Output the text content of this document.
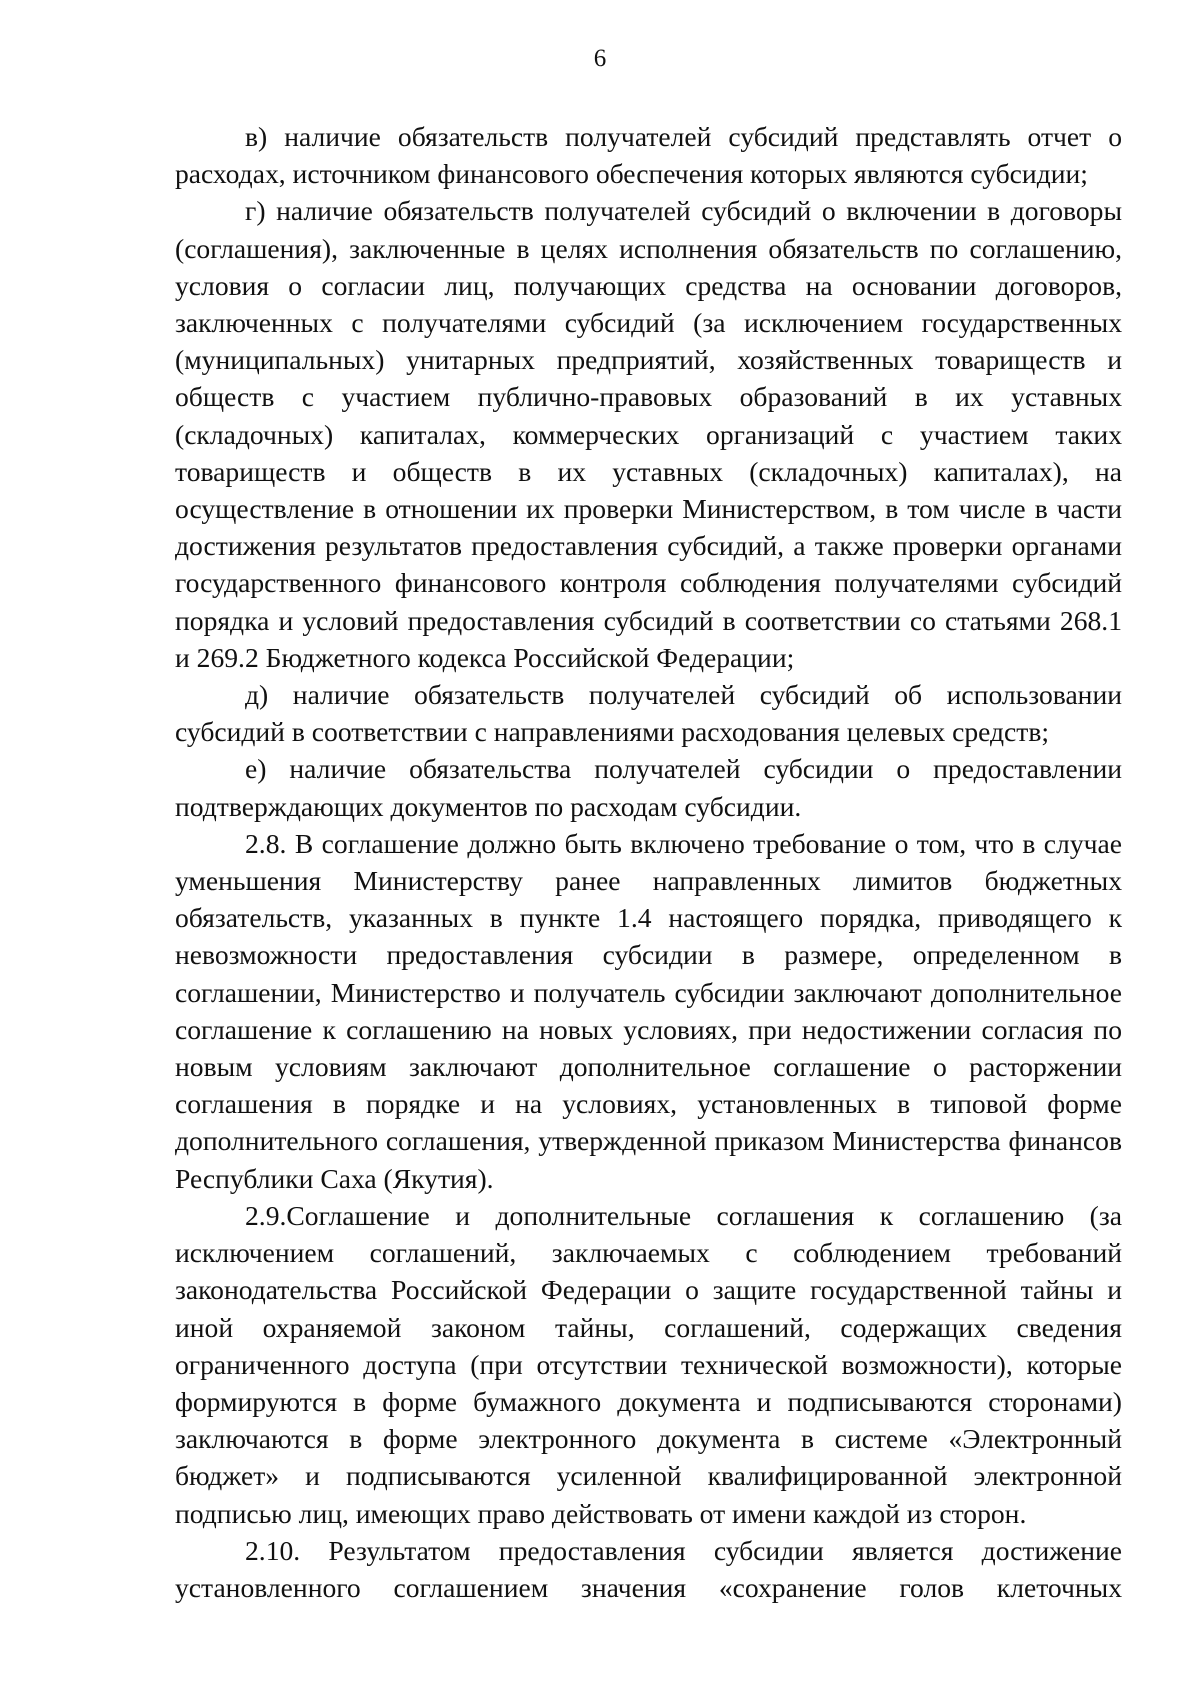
6

в) наличие обязательств получателей субсидий представлять отчет о расходах, источником финансового обеспечения которых являются субсидии;

г) наличие обязательств получателей субсидий о включении в договоры (соглашения), заключенные в целях исполнения обязательств по соглашению, условия о согласии лиц, получающих средства на основании договоров, заключенных с получателями субсидий (за исключением государственных (муниципальных) унитарных предприятий, хозяйственных товариществ и обществ с участием публично-правовых образований в их уставных (складочных) капиталах, коммерческих организаций с участием таких товариществ и обществ в их уставных (складочных) капиталах), на осуществление в отношении их проверки Министерством, в том числе в части достижения результатов предоставления субсидий, а также проверки органами государственного финансового контроля соблюдения получателями субсидий порядка и условий предоставления субсидий в соответствии со статьями 268.1 и 269.2 Бюджетного кодекса Российской Федерации;

д) наличие обязательств получателей субсидий об использовании субсидий в соответствии с направлениями расходования целевых средств;

е) наличие обязательства получателей субсидии о предоставлении подтверждающих документов по расходам субсидии.

2.8. В соглашение должно быть включено требование о том, что в случае уменьшения Министерству ранее направленных лимитов бюджетных обязательств, указанных в пункте 1.4 настоящего порядка, приводящего к невозможности предоставления субсидии в размере, определенном в соглашении, Министерство и получатель субсидии заключают дополнительное соглашение к соглашению на новых условиях, при недостижении согласия по новым условиям заключают дополнительное соглашение о расторжении соглашения в порядке и на условиях, установленных в типовой форме дополнительного соглашения, утвержденной приказом Министерства финансов Республики Саха (Якутия).

2.9.Соглашение и дополнительные соглашения к соглашению (за исключением соглашений, заключаемых с соблюдением требований законодательства Российской Федерации о защите государственной тайны и иной охраняемой законом тайны, соглашений, содержащих сведения ограниченного доступа (при отсутствии технической возможности), которые формируются в форме бумажного документа и подписываются сторонами) заключаются в форме электронного документа в системе «Электронный бюджет» и подписываются усиленной квалифицированной электронной подписью лиц, имеющих право действовать от имени каждой из сторон.

2.10. Результатом предоставления субсидии является достижение установленного соглашением значения «сохранение голов клеточных
